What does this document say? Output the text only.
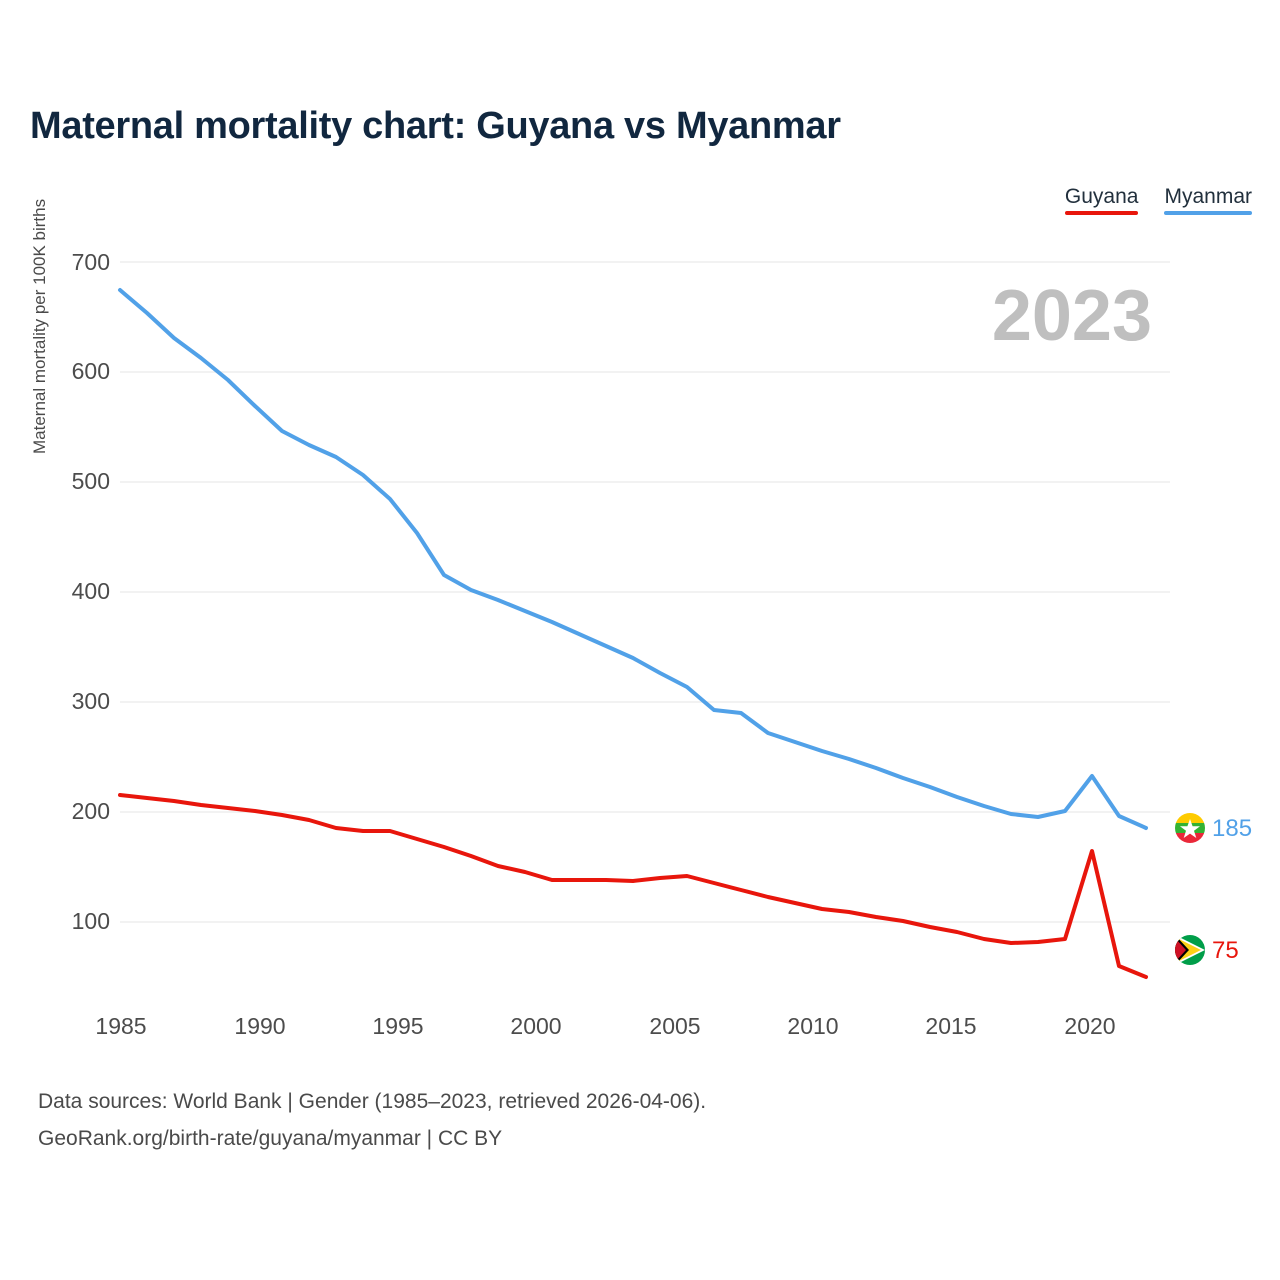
Maternal mortality chart: Guyana vs Myanmar
Guyana Myanmar
2023
Maternal mortality per 100K births 700
600
500
400
300
200
100
1985	1990	1995	2000	2005	2010	2015	2020
185
75
Data sources: World Bank | Gender (1985–2023, retrieved 2026-04-06).
GeoRank.org/birth-rate/guyana/myanmar | CC BY
